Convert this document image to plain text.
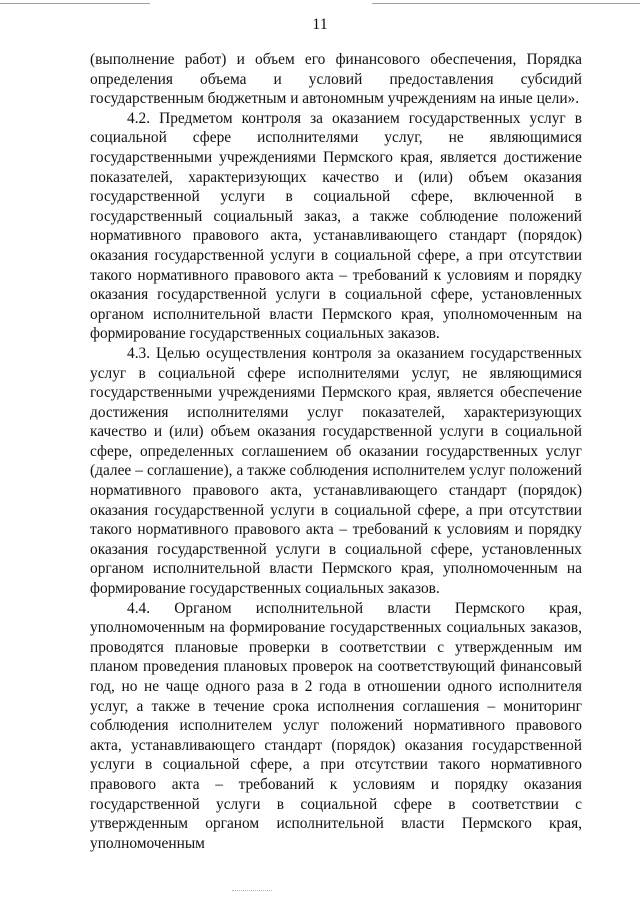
11

(выполнение работ) и объем его финансового обеспечения, Порядка определения объема и условий предоставления субсидий государственным бюджетным и автономным учреждениям на иные цели».

4.2. Предметом контроля за оказанием государственных услуг в социальной сфере исполнителями услуг, не являющимися государственными учреждениями Пермского края, является достижение показателей, характеризующих качество и (или) объем оказания государственной услуги в социальной сфере, включенной в государственный социальный заказ, а также соблюдение положений нормативного правового акта, устанавливающего стандарт (порядок) оказания государственной услуги в социальной сфере, а при отсутствии такого нормативного правового акта – требований к условиям и порядку оказания государственной услуги в социальной сфере, установленных органом исполнительной власти Пермского края, уполномоченным на формирование государственных социальных заказов.

4.3. Целью осуществления контроля за оказанием государственных услуг в социальной сфере исполнителями услуг, не являющимися государственными учреждениями Пермского края, является обеспечение достижения исполнителями услуг показателей, характеризующих качество и (или) объем оказания государственной услуги в социальной сфере, определенных соглашением об оказании государственных услуг (далее – соглашение), а также соблюдения исполнителем услуг положений нормативного правового акта, устанавливающего стандарт (порядок) оказания государственной услуги в социальной сфере, а при отсутствии такого нормативного правового акта – требований к условиям и порядку оказания государственной услуги в социальной сфере, установленных органом исполнительной власти Пермского края, уполномоченным на формирование государственных социальных заказов.

4.4. Органом исполнительной власти Пермского края, уполномоченным на формирование государственных социальных заказов, проводятся плановые проверки в соответствии с утвержденным им планом проведения плановых проверок на соответствующий финансовый год, но не чаще одного раза в 2 года в отношении одного исполнителя услуг, а также в течение срока исполнения соглашения – мониторинг соблюдения исполнителем услуг положений нормативного правового акта, устанавливающего стандарт (порядок) оказания государственной услуги в социальной сфере, а при отсутствии такого нормативного правового акта – требований к условиям и порядку оказания государственной услуги в социальной сфере в соответствии с утвержденным органом исполнительной власти Пермского края, уполномоченным
